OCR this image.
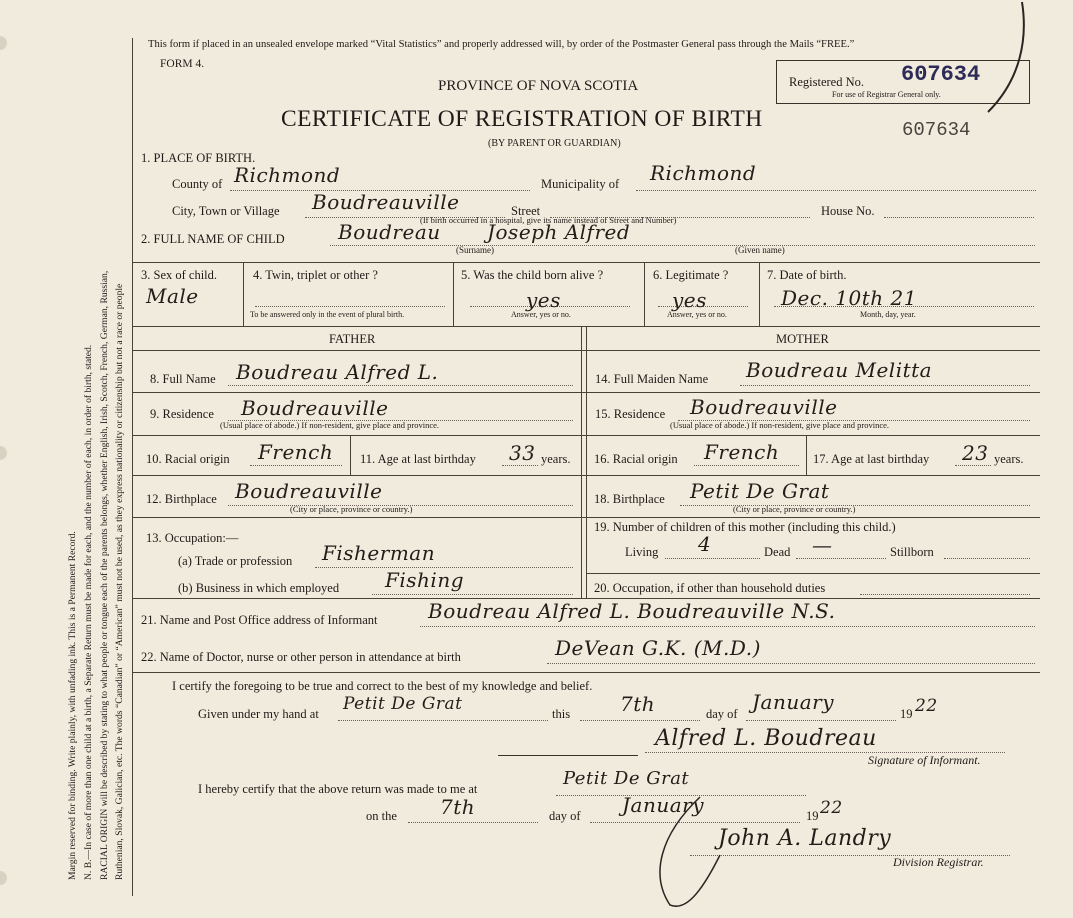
Margin reserved for binding. Write plainly, with unfading ink. This is a Permanent Record. N. B.—In case of more than one child at a birth, a Separate Return must be made for each, and the number of each, in order of birth, stated. RACIAL ORIGIN will be described by stating to what people or tongue each of the parents belongs, whether English, Irish, Scotch, French, German, Russian, Ruthenian, Slovak, Galician, etc. The words “Canadian” or “American” must not be used, as they express nationality or citizenship but not a race or people
This form if placed in an unsealed envelope marked “Vital Statistics” and properly addressed will, by order of the Postmaster General pass through the Mails “FREE.”
FORM 4.
PROVINCE OF NOVA SCOTIA
CERTIFICATE OF REGISTRATION OF BIRTH
(BY PARENT OR GUARDIAN)
Registered No.
For use of Registrar General only.
607634
607634
1. PLACE OF BIRTH.
County of Richmond	Municipality of Richmond
City, Town or Village Boudreauville	Street
(If birth occurred in a hospital, give its name instead of Street and Number)
House No.
2. FULL NAME OF CHILD	Boudreau Joseph Alfred
(Surname)	(Given name)
3. Sex of child.
Male
4. Twin, triplet or other ?
To be answered only in the event of plural birth.
5. Was the child born alive ?
yes
Answer, yes or no.
6. Legitimate ?
yes
Answer, yes or no.
7. Date of birth.
Dec. 10th 21
Month, day, year.
FATHER	MOTHER
8. Full Name Boudreau Alfred L.
9. Residence Boudreauville
(Usual place of abode.) If non-resident, give place and province.
10. Racial origin French 11. Age at last birthday 33 years.
12. Birthplace Boudreauville
(City or place, province or country.)
13. Occupation:—
(a) Trade or profession Fisherman
(b) Business in which employed Fishing
14. Full Maiden Name Boudreau Melitta
15. Residence Boudreauville
(Usual place of abode.) If non-resident, give place and province.
16. Racial origin French	17. Age at last birthday 23 years.
18. Birthplace Petit De Grat
(City or place, province or country.)
19. Number of children of this mother (including this child.)
Living 4	Dead —	Stillborn
20. Occupation, if other than household duties
21. Name and Post Office address of Informant	Boudreau Alfred L. Boudreauville N.S.
22. Name of Doctor, nurse or other person in attendance at birth	DeVean G.K. (M.D.)
I certify the foregoing to be true and correct to the best of my knowledge and belief.
Given under my hand at Petit De Grat	this 7th	day of January	19 22
Alfred L. Boudreau
Signature of Informant.
I hereby certify that the above return was made to me at	Petit De Grat
on the 7th	day of January	19 22
John A. Landry
Division Registrar.
